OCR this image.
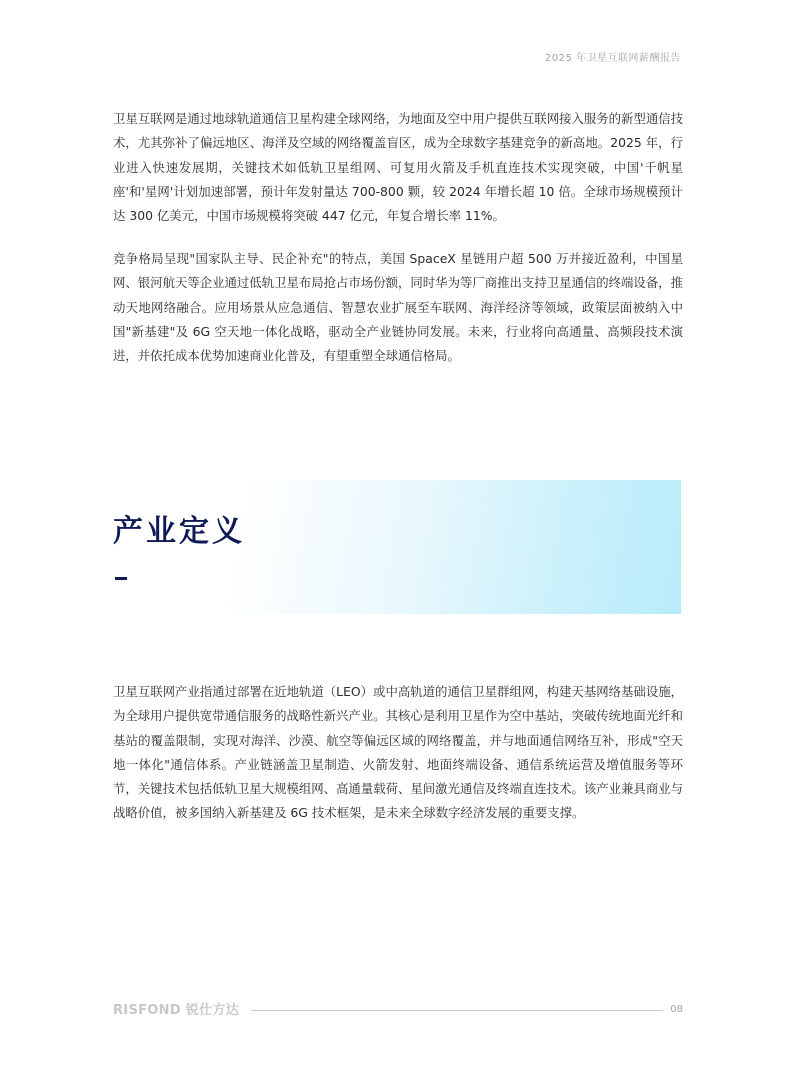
2025 年卫星互联网薪酬报告

卫星互联网是通过地球轨道通信卫星构建全球网络，为地面及空中用户提供互联网接入服务的新型通信技术，尤其弥补了偏远地区、海洋及空域的网络覆盖盲区，成为全球数字基建竞争的新高地。2025 年，行业进入快速发展期，关键技术如低轨卫星组网、可复用火箭及手机直连技术实现突破，中国'千帆星座'和'星网'计划加速部署，预计年发射量达 700-800 颗，较 2024 年增长超 10 倍。全球市场规模预计达 300 亿美元，中国市场规模将突破 447 亿元，年复合增长率 11%。

竞争格局呈现"国家队主导、民企补充"的特点，美国 SpaceX 星链用户超 500 万并接近盈利，中国星网、银河航天等企业通过低轨卫星布局抢占市场份额，同时华为等厂商推出支持卫星通信的终端设备，推动天地网络融合。应用场景从应急通信、智慧农业扩展至车联网、海洋经济等领域，政策层面被纳入中国"新基建"及 6G 空天地一体化战略，驱动全产业链协同发展。未来，行业将向高通量、高频段技术演进，并依托成本优势加速商业化普及，有望重塑全球通信格局。

产业定义

卫星互联网产业指通过部署在近地轨道（LEO）或中高轨道的通信卫星群组网，构建天基网络基础设施，为全球用户提供宽带通信服务的战略性新兴产业。其核心是利用卫星作为空中基站，突破传统地面光纤和基站的覆盖限制，实现对海洋、沙漠、航空等偏远区域的网络覆盖，并与地面通信网络互补，形成"空天地一体化"通信体系。产业链涵盖卫星制造、火箭发射、地面终端设备、通信系统运营及增值服务等环节，关键技术包括低轨卫星大规模组网、高通量载荷、星间激光通信及终端直连技术。该产业兼具商业与战略价值，被多国纳入新基建及 6G 技术框架，是未来全球数字经济发展的重要支撑。

RISFOND 锐仕方达	08
